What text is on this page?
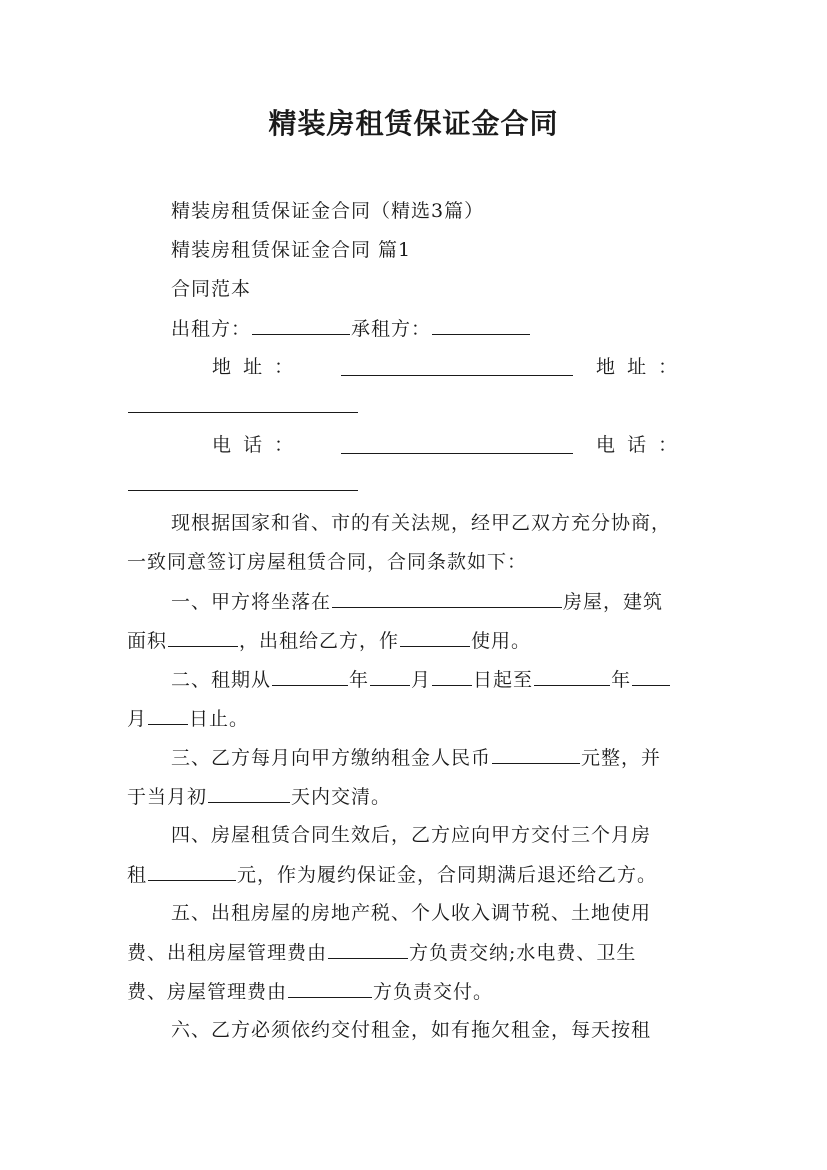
精装房租赁保证金合同
精装房租赁保证金合同（精选3篇）
精装房租赁保证金合同 篇1
合同范本
出租方：	承租方：
地  址  ：	地  址  ：
电  话  ：	电  话  ：
现根据国家和省、市的有关法规，经甲乙双方充分协商，
一致同意签订房屋租赁合同，合同条款如下：
一、甲方将坐落在	房屋，建筑
面积	，出租给乙方，作	使用。
二、租期从	年 月 日起至	年
月 日止。
三、乙方每月向甲方缴纳租金人民币	元整，并
于当月初	天内交清。
四、房屋租赁合同生效后，乙方应向甲方交付三个月房
租	元，作为履约保证金，合同期满后退还给乙方。
五、出租房屋的房地产税、个人收入调节税、土地使用
费、出租房屋管理费由	方负责交纳;水电费、卫生
费、房屋管理费由	方负责交付。
六、乙方必须依约交付租金，如有拖欠租金，每天按租
